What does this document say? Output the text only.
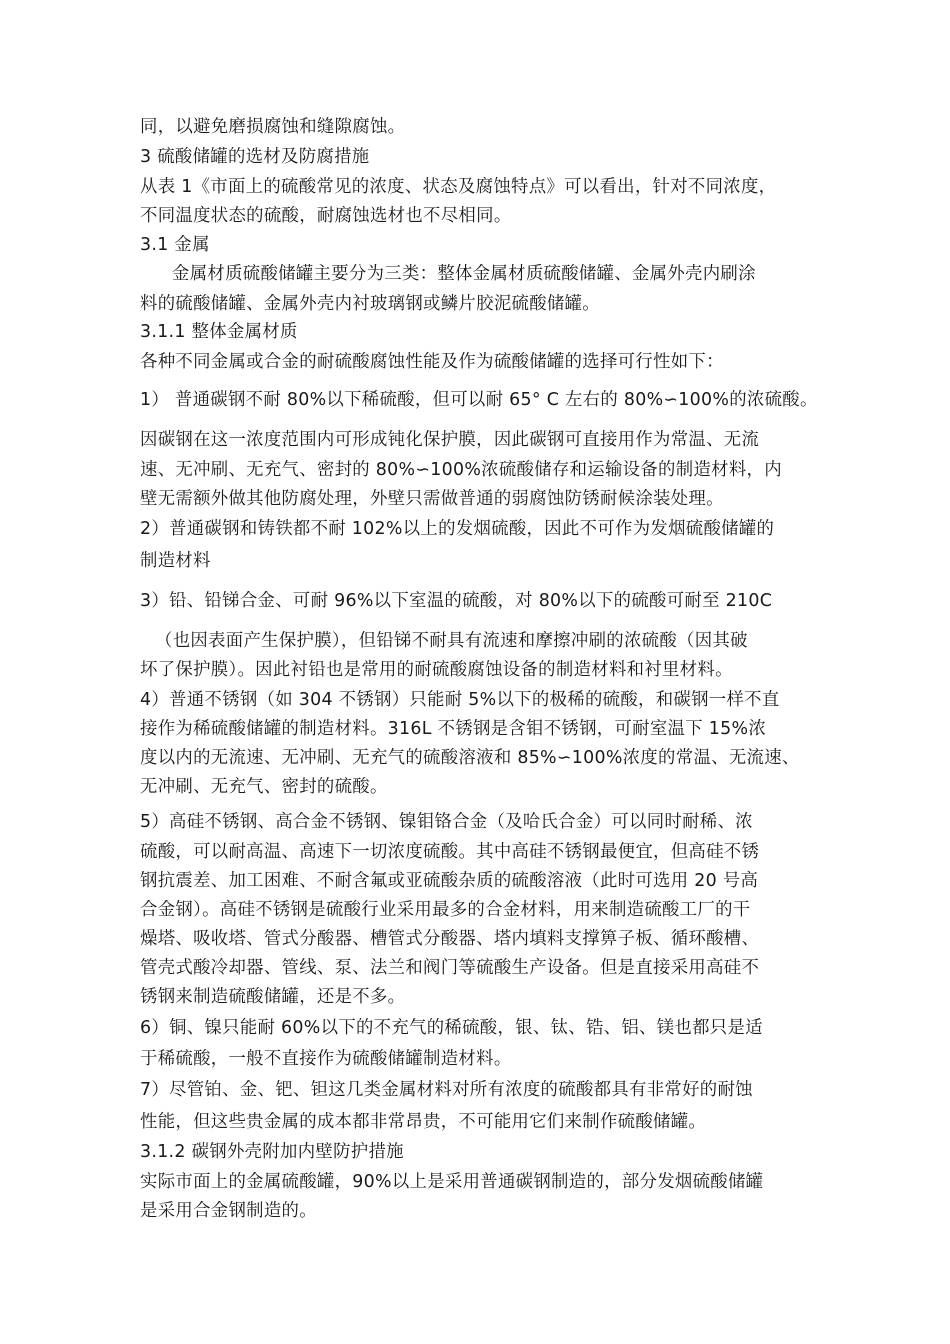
同，以避免磨损腐蚀和缝隙腐蚀。
3 硫酸储罐的选材及防腐措施
从表 1《市面上的硫酸常见的浓度、状态及腐蚀特点》可以看出，针对不同浓度，
不同温度状态的硫酸，耐腐蚀选材也不尽相同。
3.1 金属
金属材质硫酸储罐主要分为三类：整体金属材质硫酸储罐、金属外壳内刷涂
料的硫酸储罐、金属外壳内衬玻璃钢或鳞片胶泥硫酸储罐。
3.1.1 整体金属材质
各种不同金属或合金的耐硫酸腐蚀性能及作为硫酸储罐的选择可行性如下：
1） 普通碳钢不耐 80%以下稀硫酸，但可以耐 65° C 左右的 80%∽100%的浓硫酸。
因碳钢在这一浓度范围内可形成钝化保护膜，因此碳钢可直接用作为常温、无流
速、无冲刷、无充气、密封的 80%∽100%浓硫酸储存和运输设备的制造材料，内
壁无需额外做其他防腐处理，外壁只需做普通的弱腐蚀防锈耐候涂装处理。
2）普通碳钢和铸铁都不耐 102%以上的发烟硫酸，因此不可作为发烟硫酸储罐的
制造材料
3）铅、铅锑合金、可耐 96%以下室温的硫酸，对 80%以下的硫酸可耐至 210C
（也因表面产生保护膜），但铅锑不耐具有流速和摩擦冲刷的浓硫酸（因其破
坏了保护膜）。因此衬铅也是常用的耐硫酸腐蚀设备的制造材料和衬里材料。
4）普通不锈钢（如 304 不锈钢）只能耐 5%以下的极稀的硫酸，和碳钢一样不直
接作为稀硫酸储罐的制造材料。316L 不锈钢是含钼不锈钢，可耐室温下 15%浓
度以内的无流速、无冲刷、无充气的硫酸溶液和 85%∽100%浓度的常温、无流速、
无冲刷、无充气、密封的硫酸。
5）高硅不锈钢、高合金不锈钢、镍钼铬合金（及哈氏合金）可以同时耐稀、浓
硫酸，可以耐高温、高速下一切浓度硫酸。其中高硅不锈钢最便宜，但高硅不锈
钢抗震差、加工困难、不耐含氟或亚硫酸杂质的硫酸溶液（此时可选用 20 号高
合金钢）。高硅不锈钢是硫酸行业采用最多的合金材料，用来制造硫酸工厂的干
燥塔、吸收塔、管式分酸器、槽管式分酸器、塔内填料支撑箅子板、循环酸槽、
管壳式酸冷却器、管线、泵、法兰和阀门等硫酸生产设备。但是直接采用高硅不
锈钢来制造硫酸储罐，还是不多。
6）铜、镍只能耐 60%以下的不充气的稀硫酸，银、钛、锆、铝、镁也都只是适
于稀硫酸，一般不直接作为硫酸储罐制造材料。
7）尽管铂、金、钯、钽这几类金属材料对所有浓度的硫酸都具有非常好的耐蚀
性能，但这些贵金属的成本都非常昂贵，不可能用它们来制作硫酸储罐。
3.1.2 碳钢外壳附加内壁防护措施
实际市面上的金属硫酸罐，90%以上是采用普通碳钢制造的，部分发烟硫酸储罐
是采用合金钢制造的。
